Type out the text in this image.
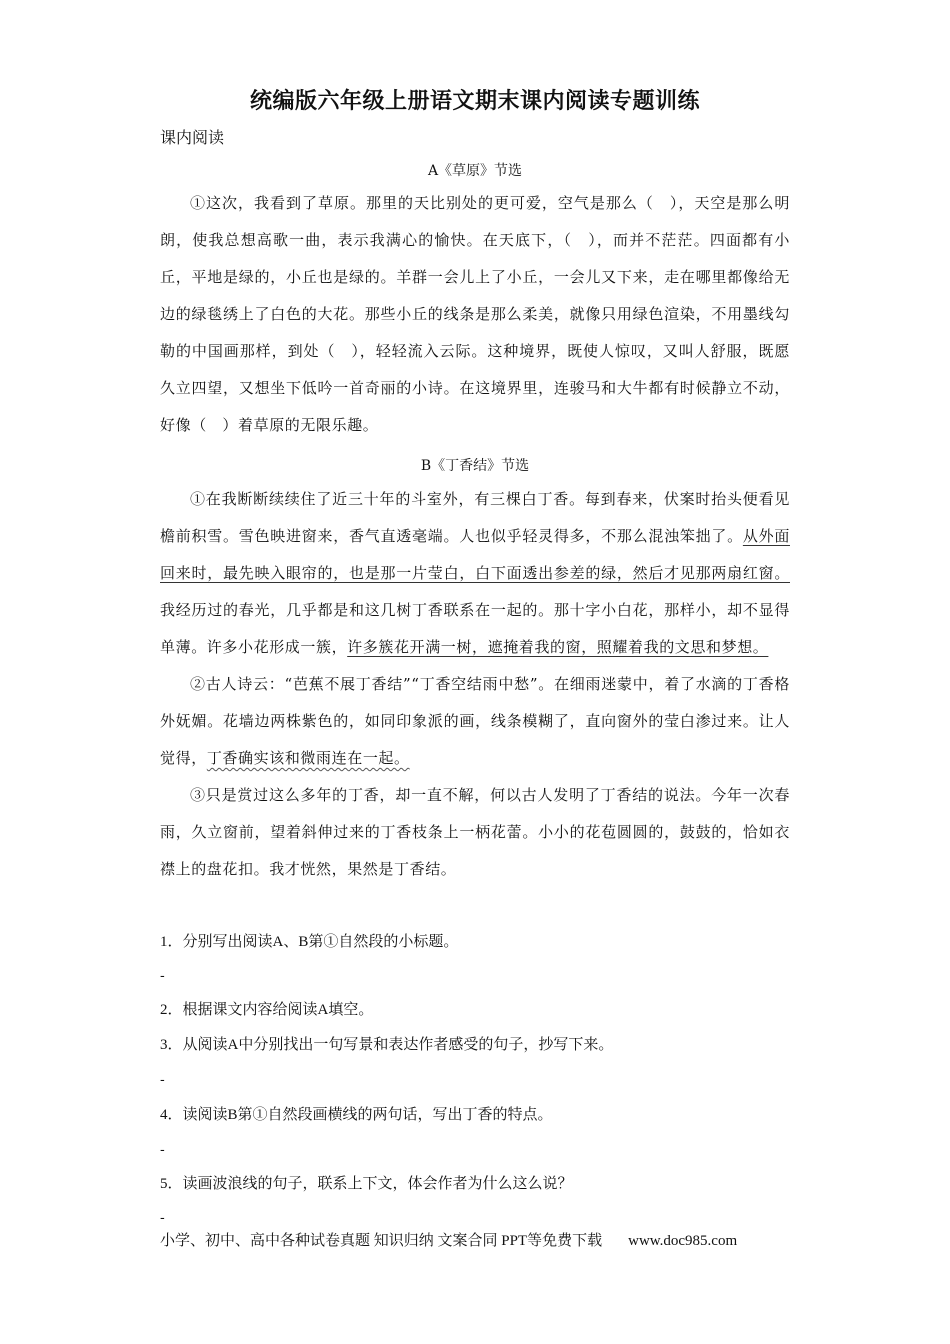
统编版六年级上册语文期末课内阅读专题训练
课内阅读
A《草原》节选

①这次，我看到了草原。那里的天比别处的更可爱，空气是那么（　），天空是那么明朗，使我总想高歌一曲，表示我满心的愉快。在天底下，（　），而并不茫茫。四面都有小丘，平地是绿的，小丘也是绿的。羊群一会儿上了小丘，一会儿又下来，走在哪里都像给无边的绿毯绣上了白色的大花。那些小丘的线条是那么柔美，就像只用绿色渲染，不用墨线勾勒的中国画那样，到处（　），轻轻流入云际。这种境界，既使人惊叹，又叫人舒服，既愿久立四望，又想坐下低吟一首奇丽的小诗。在这境界里，连骏马和大牛都有时候静立不动，好像（　）着草原的无限乐趣。

B《丁香结》节选

①在我断断续续住了近三十年的斗室外，有三棵白丁香。每到春来，伏案时抬头便看见檐前积雪。雪色映进窗来，香气直透毫端。人也似乎轻灵得多，不那么混浊笨拙了。从外面回来时，最先映入眼帘的，也是那一片莹白，白下面透出参差的绿，然后才见那两扇红窗。我经历过的春光，几乎都是和这几树丁香联系在一起的。那十字小白花，那样小，却不显得单薄。许多小花形成一簇，许多簇花开满一树，遮掩着我的窗，照耀着我的文思和梦想。

②古人诗云：“芭蕉不展丁香结”“丁香空结雨中愁”。在细雨迷蒙中，着了水滴的丁香格外妩媚。花墙边两株紫色的，如同印象派的画，线条模糊了，直向窗外的莹白渗过来。让人觉得，丁香确实该和微雨连在一起。

③只是赏过这么多年的丁香，却一直不解，何以古人发明了丁香结的说法。今年一次春雨，久立窗前，望着斜伸过来的丁香枝条上一柄花蕾。小小的花苞圆圆的，鼓鼓的，恰如衣襟上的盘花扣。我才恍然，果然是丁香结。

1．分别写出阅读A、B第①自然段的小标题。
-
2．根据课文内容给阅读A填空。
3．从阅读A中分别找出一句写景和表达作者感受的句子，抄写下来。
-
4．读阅读B第①自然段画横线的两句话，写出丁香的特点。
-
5．读画波浪线的句子，联系上下文，体会作者为什么这么说？
-
小学、初中、高中各种试卷真题 知识归纳 文案合同 PPT等免费下载 www.doc985.com
